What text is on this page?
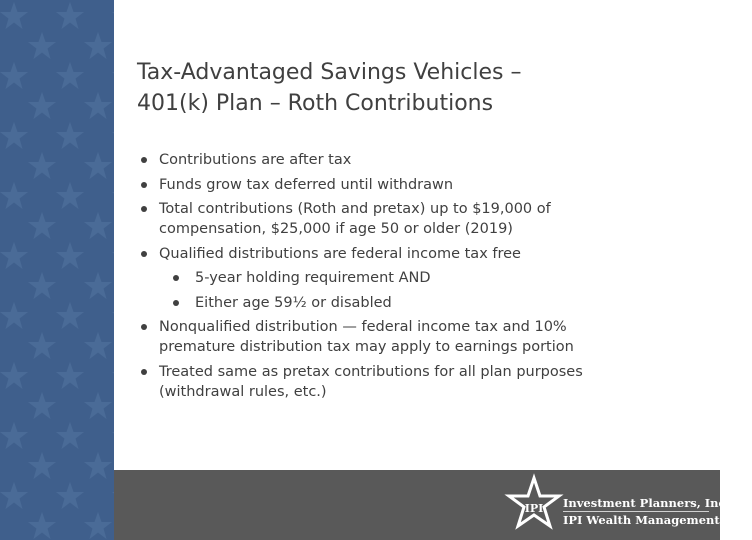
Tax-Advantaged Savings Vehicles –
401(k) Plan – Roth Contributions
Contributions are after tax
Funds grow tax deferred until withdrawn
Total contributions (Roth and pretax) up to $19,000 of compensation, $25,000 if age 50 or older (2019)
Qualified distributions are federal income tax free
5-year holding requirement AND
Either age 59½ or disabled
Nonqualified distribution — federal income tax and 10% premature distribution tax may apply to earnings portion
Treated same as pretax contributions for all plan purposes (withdrawal rules, etc.)
IPI Investment Planners, Inc.
IPI Wealth Management, Inc.
